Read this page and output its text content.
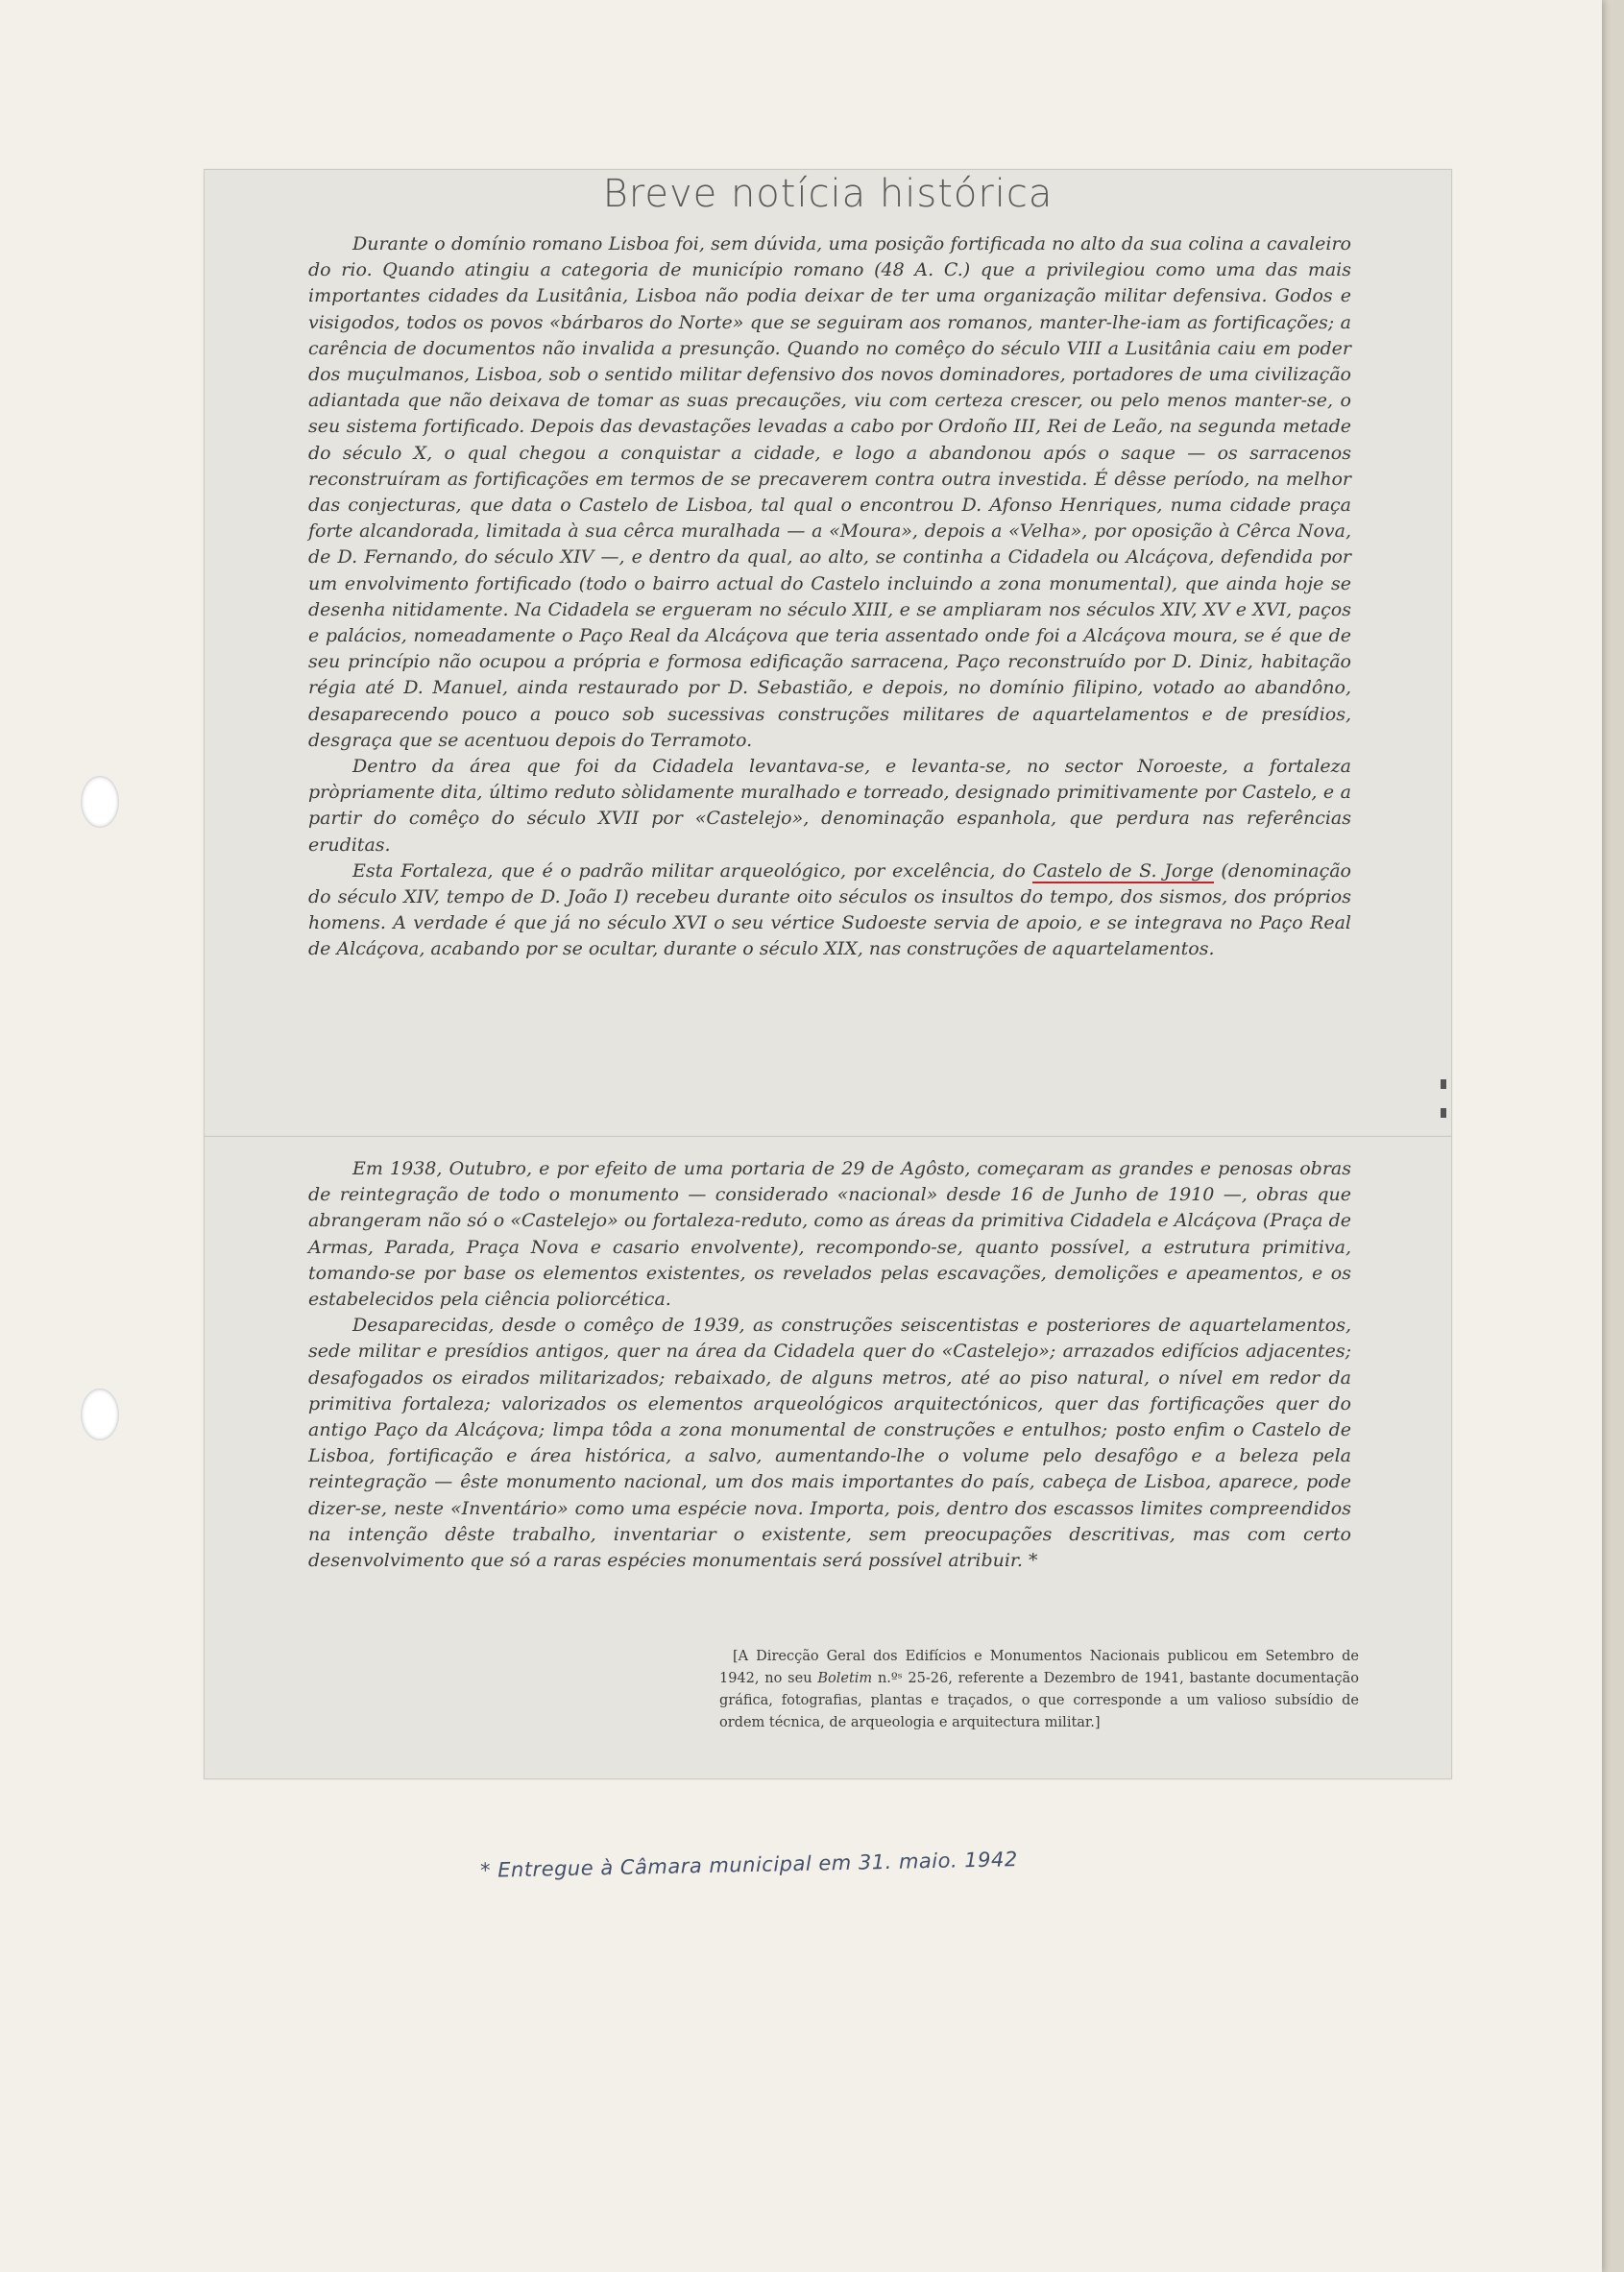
Breve notícia histórica

Durante o domínio romano Lisboa foi, sem dúvida, uma posição fortificada no alto da sua colina a cavaleiro do rio. Quando atingiu a categoria de município romano (48 A. C.) que a privilegiou como uma das mais importantes cidades da Lusitânia, Lisboa não podia deixar de ter uma organização militar defensiva. Godos e visigodos, todos os povos «bárbaros do Norte» que se seguiram aos romanos, manter-lhe-iam as fortificações; a carência de documentos não invalida a presunção. Quando no comêço do século VIII a Lusitânia caiu em poder dos muçulmanos, Lisboa, sob o sentido militar defensivo dos novos dominadores, portadores de uma civilização adiantada que não deixava de tomar as suas precauções, viu com certeza crescer, ou pelo menos manter-se, o seu sistema fortificado. Depois das devastações levadas a cabo por Ordoño III, Rei de Leão, na segunda metade do século X, o qual chegou a conquistar a cidade, e logo a abandonou após o saque — os sarracenos reconstruíram as fortificações em termos de se precaverem contra outra investida. É dêsse período, na melhor das conjecturas, que data o Castelo de Lisboa, tal qual o encontrou D. Afonso Henriques, numa cidade praça forte alcandorada, limitada à sua cêrca muralhada — a «Moura», depois a «Velha», por oposição à Cêrca Nova, de D. Fernando, do século XIV —, e dentro da qual, ao alto, se continha a Cidadela ou Alcáçova, defendida por um envolvimento fortificado (todo o bairro actual do Castelo incluindo a zona monumental), que ainda hoje se desenha nitidamente. Na Cidadela se ergueram no século XIII, e se ampliaram nos séculos XIV, XV e XVI, paços e palácios, nomeadamente o Paço Real da Alcáçova que teria assentado onde foi a Alcáçova moura, se é que de seu princípio não ocupou a própria e formosa edificação sarracena, Paço reconstruído por D. Diniz, habitação régia até D. Manuel, ainda restaurado por D. Sebastião, e depois, no domínio filipino, votado ao abandôno, desaparecendo pouco a pouco sob sucessivas construções militares de aquartelamentos e de presídios, desgraça que se acentuou depois do Terramoto.

Dentro da área que foi da Cidadela levantava-se, e levanta-se, no sector Noroeste, a fortaleza pròpriamente dita, último reduto sòlidamente muralhado e torreado, designado primitivamente por Castelo, e a partir do comêço do século XVII por «Castelejo», denominação espanhola, que perdura nas referências eruditas.

Esta Fortaleza, que é o padrão militar arqueológico, por excelência, do Castelo de S. Jorge (denominação do século XIV, tempo de D. João I) recebeu durante oito séculos os insultos do tempo, dos sismos, dos próprios homens. A verdade é que já no século XVI o seu vértice Sudoeste servia de apoio, e se integrava no Paço Real de Alcáçova, acabando por se ocultar, durante o século XIX, nas construções de aquartelamentos.

Em 1938, Outubro, e por efeito de uma portaria de 29 de Agôsto, começaram as grandes e penosas obras de reintegração de todo o monumento — considerado «nacional» desde 16 de Junho de 1910 —, obras que abrangeram não só o «Castelejo» ou fortaleza-reduto, como as áreas da primitiva Cidadela e Alcáçova (Praça de Armas, Parada, Praça Nova e casario envolvente), recompondo-se, quanto possível, a estrutura primitiva, tomando-se por base os elementos existentes, os revelados pelas escavações, demolições e apeamentos, e os estabelecidos pela ciência poliorcética.

Desaparecidas, desde o comêço de 1939, as construções seiscentistas e posteriores de aquartelamentos, sede militar e presídios antigos, quer na área da Cidadela quer do «Castelejo»; arrazados edifícios adjacentes; desafogados os eirados militarizados; rebaixado, de alguns metros, até ao piso natural, o nível em redor da primitiva fortaleza; valorizados os elementos arqueológicos arquitectónicos, quer das fortificações quer do antigo Paço da Alcáçova; limpa tôda a zona monumental de construções e entulhos; posto enfim o Castelo de Lisboa, fortificação e área histórica, a salvo, aumentando-lhe o volume pelo desafôgo e a beleza pela reintegração — êste monumento nacional, um dos mais importantes do país, cabeça de Lisboa, aparece, pode dizer-se, neste «Inventário» como uma espécie nova. Importa, pois, dentro dos escassos limites compreendidos na intenção dêste trabalho, inventariar o existente, sem preocupações descritivas, mas com certo desenvolvimento que só a raras espécies monumentais será possível atribuir. *

[A Direcção Geral dos Edifícios e Monumentos Nacionais publicou em Setembro de 1942, no seu Boletim n.ºˢ 25-26, referente a Dezembro de 1941, bastante documentação gráfica, fotografias, plantas e traçados, o que corresponde a um valioso subsídio de ordem técnica, de arqueologia e arquitectura militar.]

* Entregue à Câmara municipal em 31. maio. 1942
